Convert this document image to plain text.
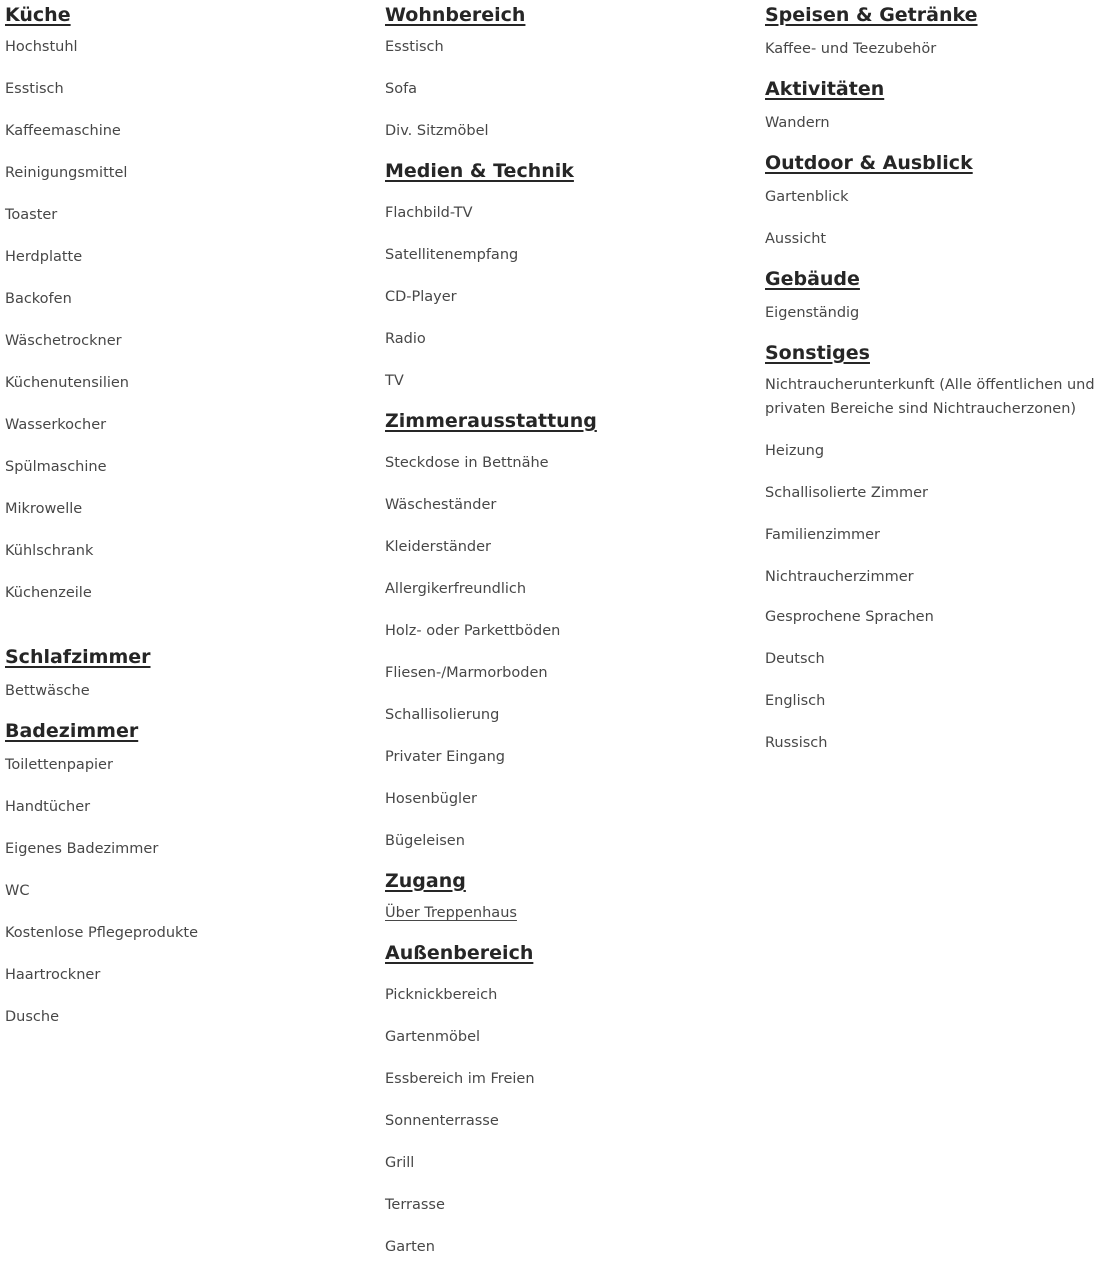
Küche
Hochstuhl
Esstisch
Kaffeemaschine
Reinigungsmittel
Toaster
Herdplatte
Backofen
Wäschetrockner
Küchenutensilien
Wasserkocher
Spülmaschine
Mikrowelle
Kühlschrank
Küchenzeile
Schlafzimmer
Bettwäsche
Badezimmer
Toilettenpapier
Handtücher
Eigenes Badezimmer
WC
Kostenlose Pflegeprodukte
Haartrockner
Dusche
Wohnbereich
Esstisch
Sofa
Div. Sitzmöbel
Medien & Technik
Flachbild-TV
Satellitenempfang
CD-Player
Radio
TV
Zimmerausstattung
Steckdose in Bettnähe
Wäscheständer
Kleiderständer
Allergikerfreundlich
Holz- oder Parkettböden
Fliesen-/Marmorboden
Schallisolierung
Privater Eingang
Hosenbügler
Bügeleisen
Zugang
Über Treppenhaus
Außenbereich
Picknickbereich
Gartenmöbel
Essbereich im Freien
Sonnenterrasse
Grill
Terrasse
Garten
Speisen & Getränke
Kaffee- und Teezubehör
Aktivitäten
Wandern
Outdoor & Ausblick
Gartenblick
Aussicht
Gebäude
Eigenständig
Sonstiges
Nichtraucherunterkunft (Alle öffentlichen und privaten Bereiche sind Nichtraucherzonen)
Heizung
Schallisolierte Zimmer
Familienzimmer
Nichtraucherzimmer
Gesprochene Sprachen
Deutsch
Englisch
Russisch
